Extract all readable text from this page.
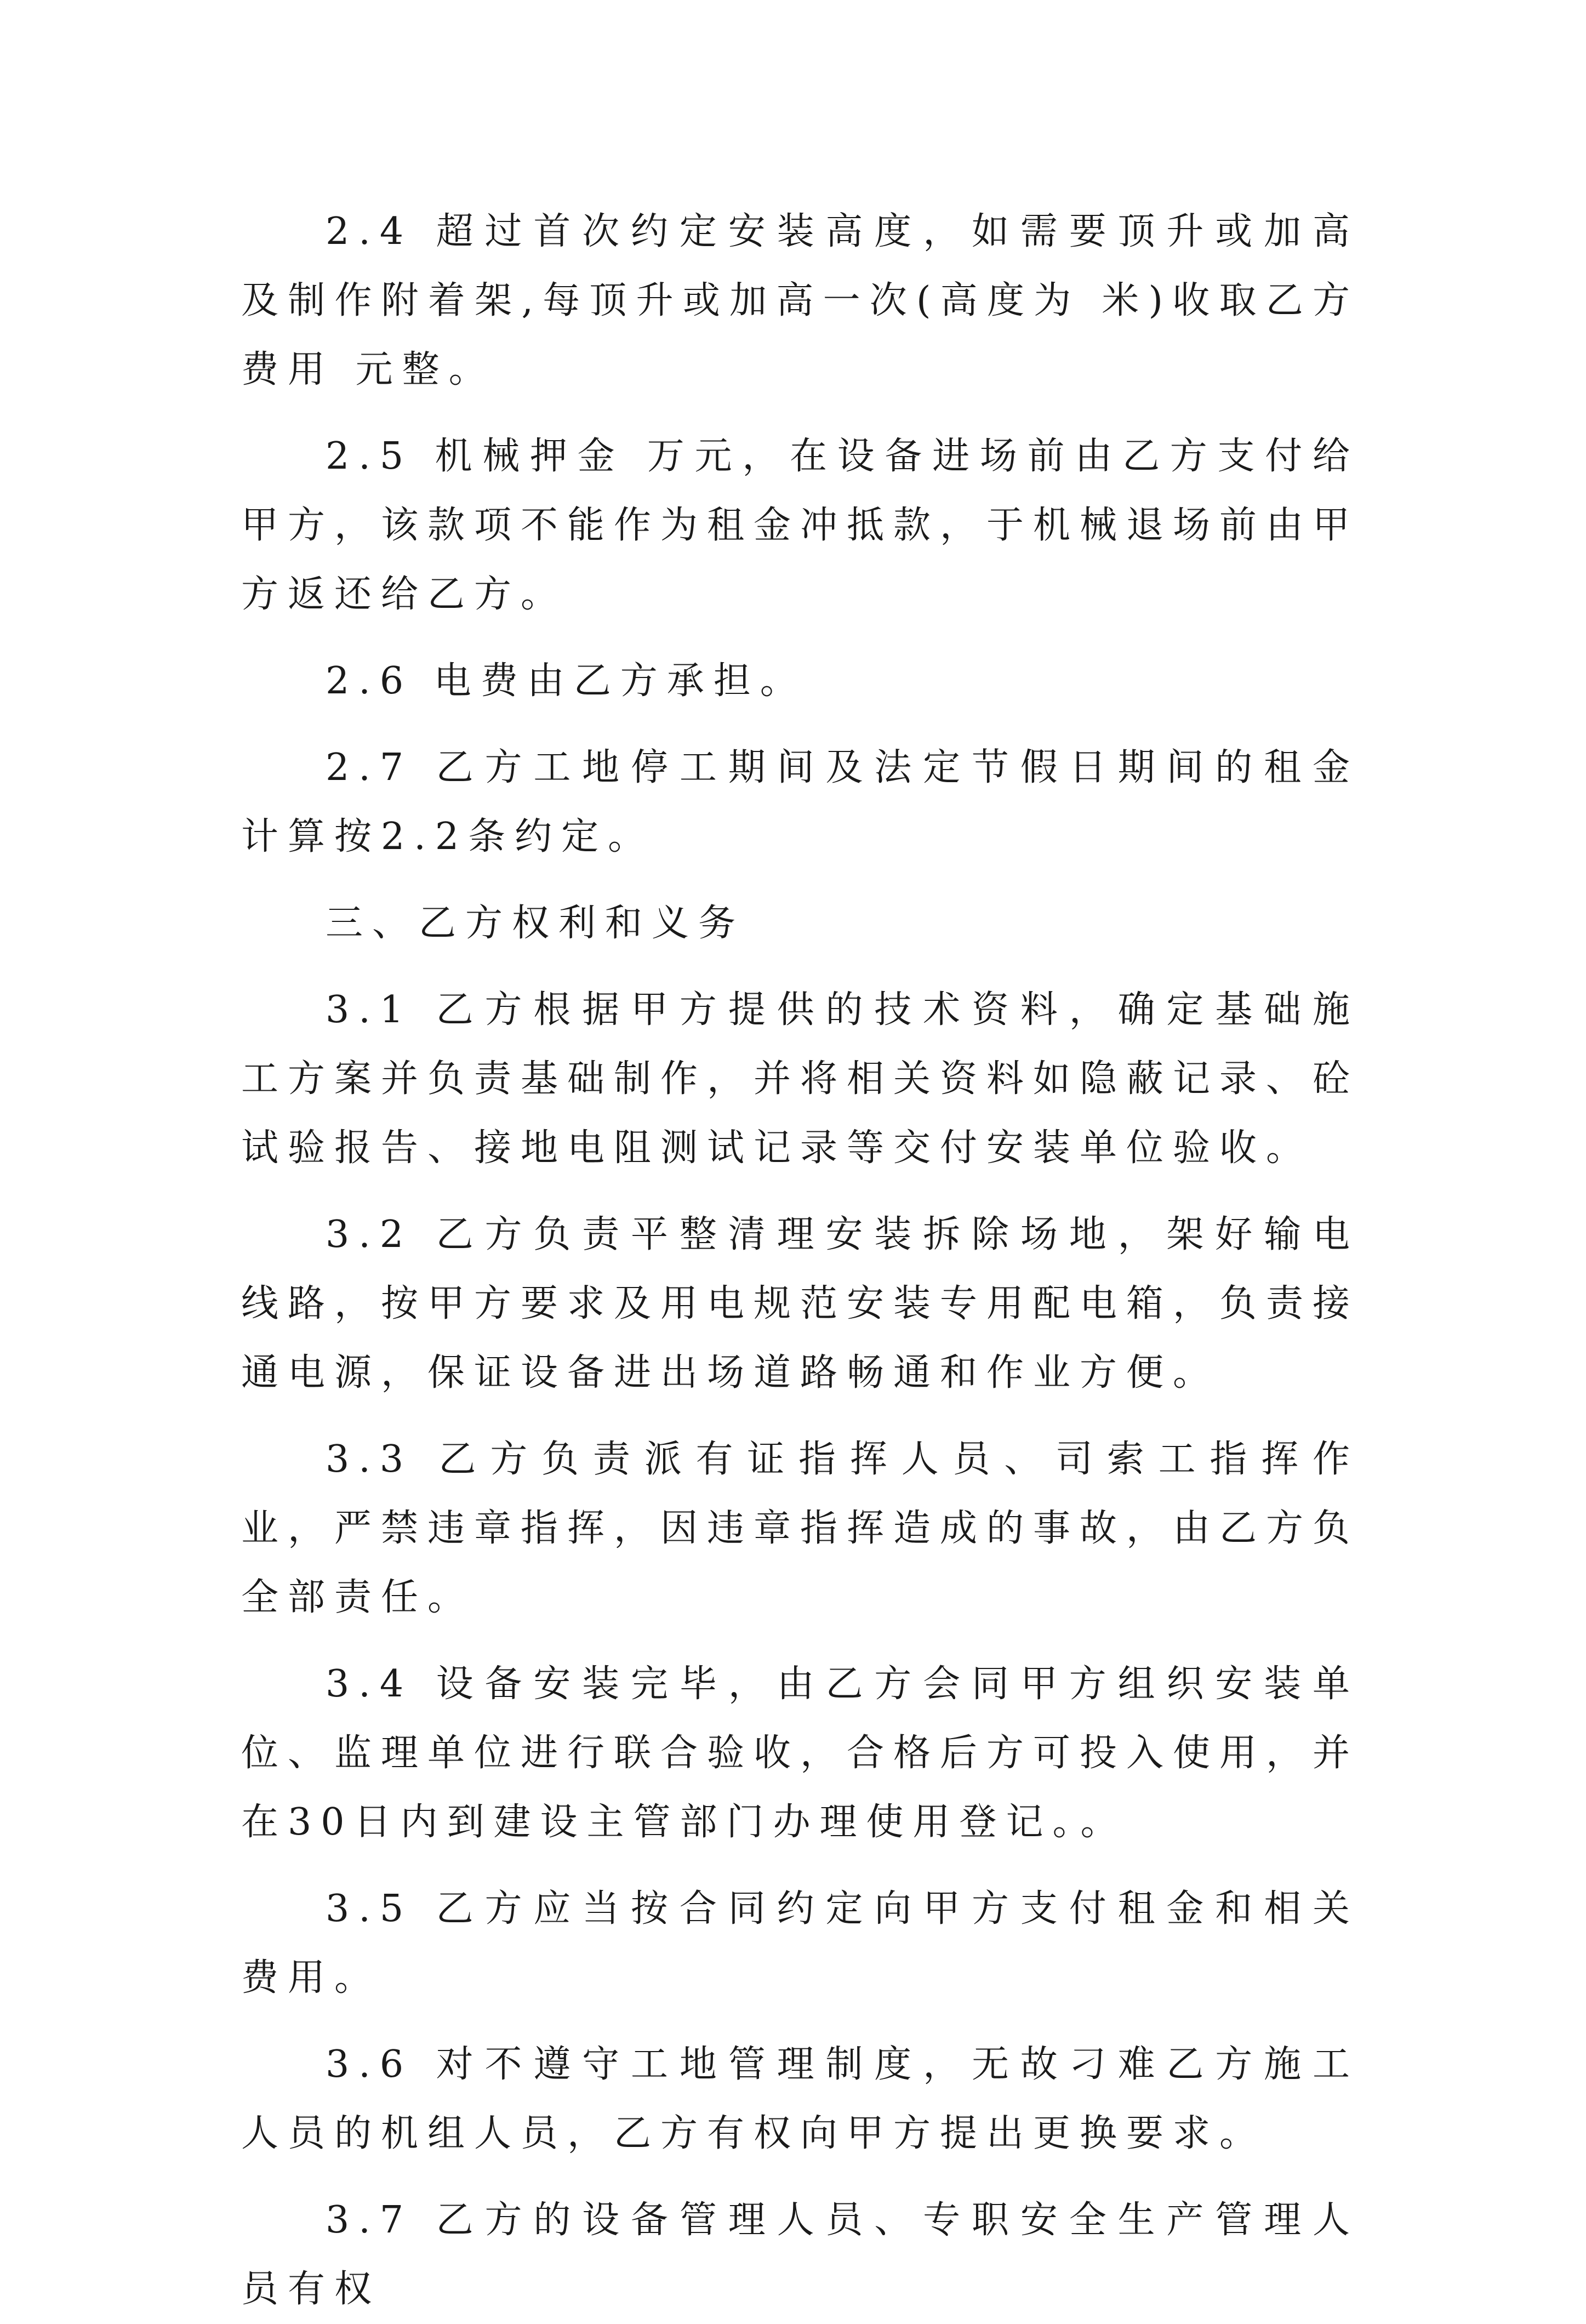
2.4 超过首次约定安装高度，如需要顶升或加高及制作附着架,每顶升或加高一次(高度为 米)收取乙方费用 元整。

2.5 机械押金 万元，在设备进场前由乙方支付给甲方，该款项不能作为租金冲抵款，于机械退场前由甲方返还给乙方。

2.6 电费由乙方承担。

2.7 乙方工地停工期间及法定节假日期间的租金计算按2.2条约定。

三、乙方权利和义务

3.1 乙方根据甲方提供的技术资料，确定基础施工方案并负责基础制作，并将相关资料如隐蔽记录、砼试验报告、接地电阻测试记录等交付安装单位验收。

3.2 乙方负责平整清理安装拆除场地，架好输电线路，按甲方要求及用电规范安装专用配电箱，负责接通电源，保证设备进出场道路畅通和作业方便。

3.3 乙方负责派有证指挥人员、司索工指挥作业，严禁违章指挥，因违章指挥造成的事故，由乙方负全部责任。

3.4 设备安装完毕，由乙方会同甲方组织安装单位、监理单位进行联合验收，合格后方可投入使用，并在30日内到建设主管部门办理使用登记。。

3.5 乙方应当按合同约定向甲方支付租金和相关费用。

3.6 对不遵守工地管理制度，无故刁难乙方施工人员的机组人员，乙方有权向甲方提出更换要求。

3.7 乙方的设备管理人员、专职安全生产管理人员有权
